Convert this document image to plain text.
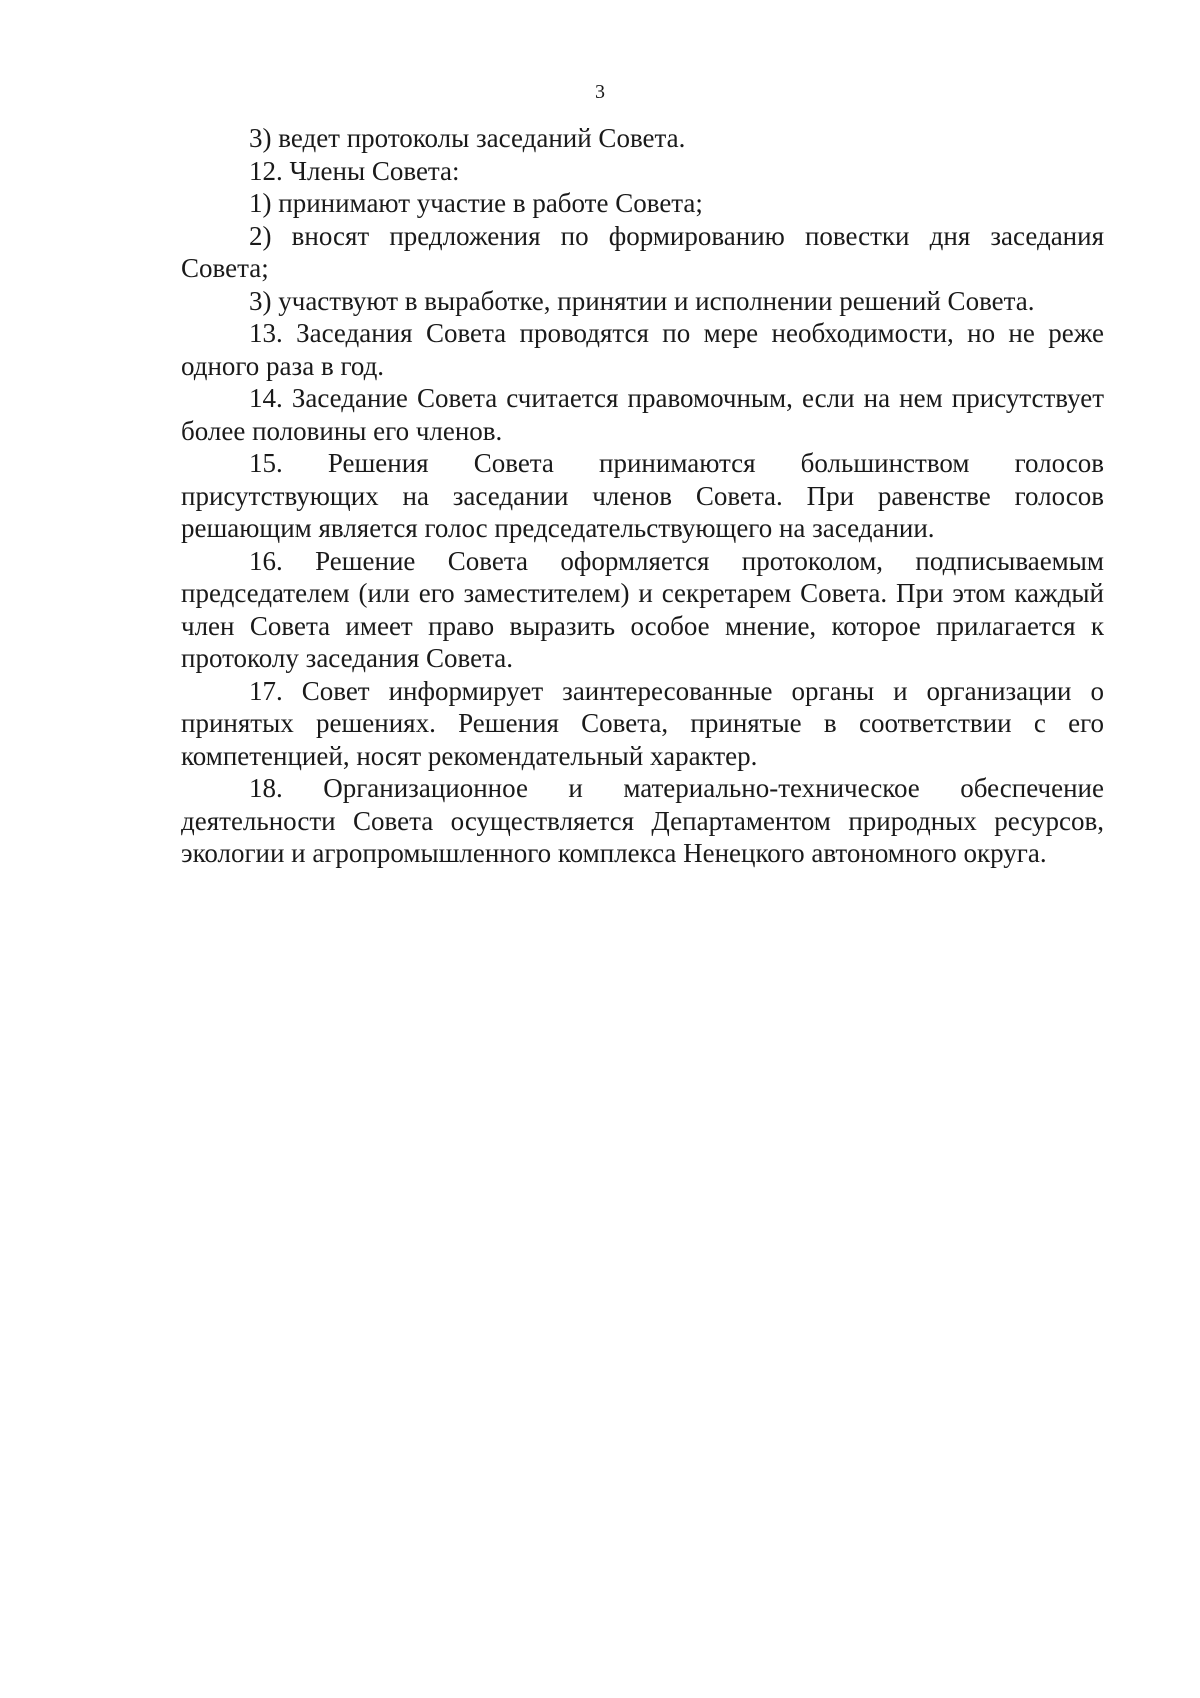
3

3) ведет протоколы заседаний Совета.

12. Члены Совета:

1) принимают участие в работе Совета;

2) вносят предложения по формированию повестки дня заседания Совета;

3) участвуют в выработке, принятии и исполнении решений Совета.

13. Заседания Совета проводятся по мере необходимости, но не реже одного раза в год.

14. Заседание Совета считается правомочным, если на нем присутствует более половины его членов.

15. Решения Совета принимаются большинством голосов присутствующих на заседании членов Совета. При равенстве голосов решающим является голос председательствующего на заседании.

16. Решение Совета оформляется протоколом, подписываемым председателем (или его заместителем) и секретарем Совета. При этом каждый член Совета имеет право выразить особое мнение, которое прилагается к протоколу заседания Совета.

17. Совет информирует заинтересованные органы и организации о принятых решениях. Решения Совета, принятые в соответствии с его компетенцией, носят рекомендательный характер.

18. Организационное и материально-техническое обеспечение деятельности Совета осуществляется Департаментом природных ресурсов, экологии и агропромышленного комплекса Ненецкого автономного округа.
